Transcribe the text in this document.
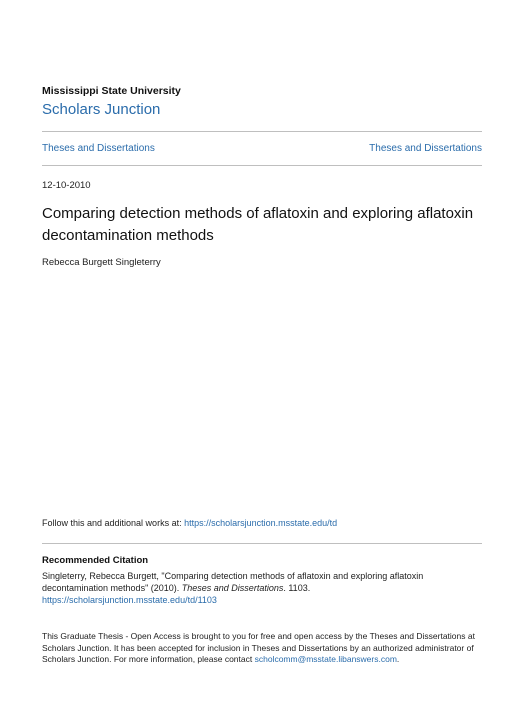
Mississippi State University
Scholars Junction
Theses and Dissertations	Theses and Dissertations
12-10-2010
Comparing detection methods of aflatoxin and exploring aflatoxin decontamination methods
Rebecca Burgett Singleterry
Follow this and additional works at: https://scholarsjunction.msstate.edu/td
Recommended Citation
Singleterry, Rebecca Burgett, "Comparing detection methods of aflatoxin and exploring aflatoxin decontamination methods" (2010). Theses and Dissertations. 1103.
https://scholarsjunction.msstate.edu/td/1103
This Graduate Thesis - Open Access is brought to you for free and open access by the Theses and Dissertations at Scholars Junction. It has been accepted for inclusion in Theses and Dissertations by an authorized administrator of Scholars Junction. For more information, please contact scholcomm@msstate.libanswers.com.
